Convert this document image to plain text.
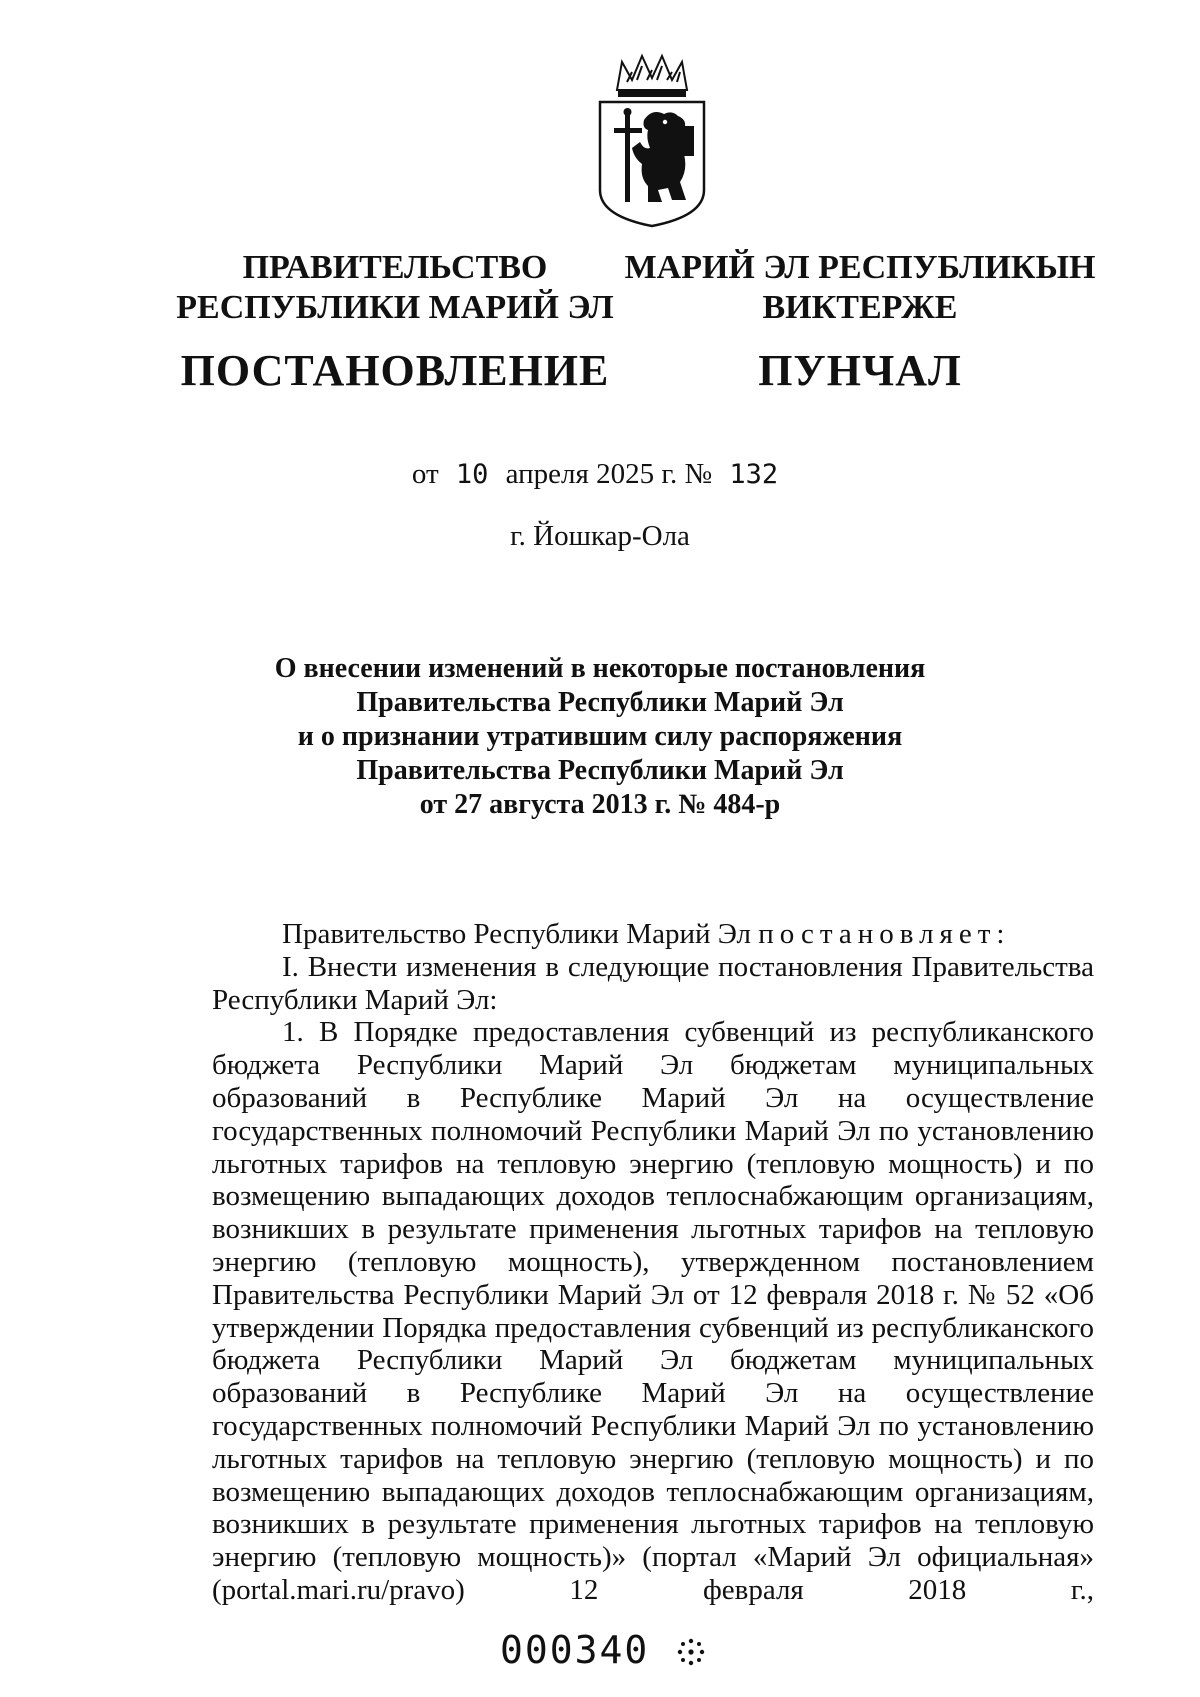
ПРАВИТЕЛЬСТВО
РЕСПУБЛИКИ МАРИЙ ЭЛ
ПОСТАНОВЛЕНИЕ
МАРИЙ ЭЛ РЕСПУБЛИКЫН
ВИКТЕРЖЕ
ПУНЧАЛ
от 10 апреля 2025 г. № 132
г. Йошкар-Ола
О внесении изменений в некоторые постановления
Правительства Республики Марий Эл
и о признании утратившим силу распоряжения
Правительства Республики Марий Эл
от 27 августа 2013 г. № 484-р

Правительство Республики Марий Эл постановляет:

I. Внести изменения в следующие постановления Правительства Республики Марий Эл:

1. В Порядке предоставления субвенций из республиканского бюджета Республики Марий Эл бюджетам муниципальных образований в Республике Марий Эл на осуществление государственных полномочий Республики Марий Эл по установлению льготных тарифов на тепловую энергию (тепловую мощность) и по возмещению выпадающих доходов теплоснабжающим организациям, возникших в результате применения льготных тарифов на тепловую энергию (тепловую мощность), утвержденном постановлением Правительства Республики Марий Эл от 12 февраля 2018 г. № 52 «Об утверждении Порядка предоставления субвенций из республиканского бюджета Республики Марий Эл бюджетам муниципальных образований в Республике Марий Эл на осуществление государственных полномочий Республики Марий Эл по установлению льготных тарифов на тепловую энергию (тепловую мощность) и по возмещению выпадающих доходов теплоснабжающим организациям, возникших в результате применения льготных тарифов на тепловую энергию (тепловую мощность)» (портал «Марий Эл официальная» (portal.mari.ru/pravo) 12 февраля 2018 г.,

000340
